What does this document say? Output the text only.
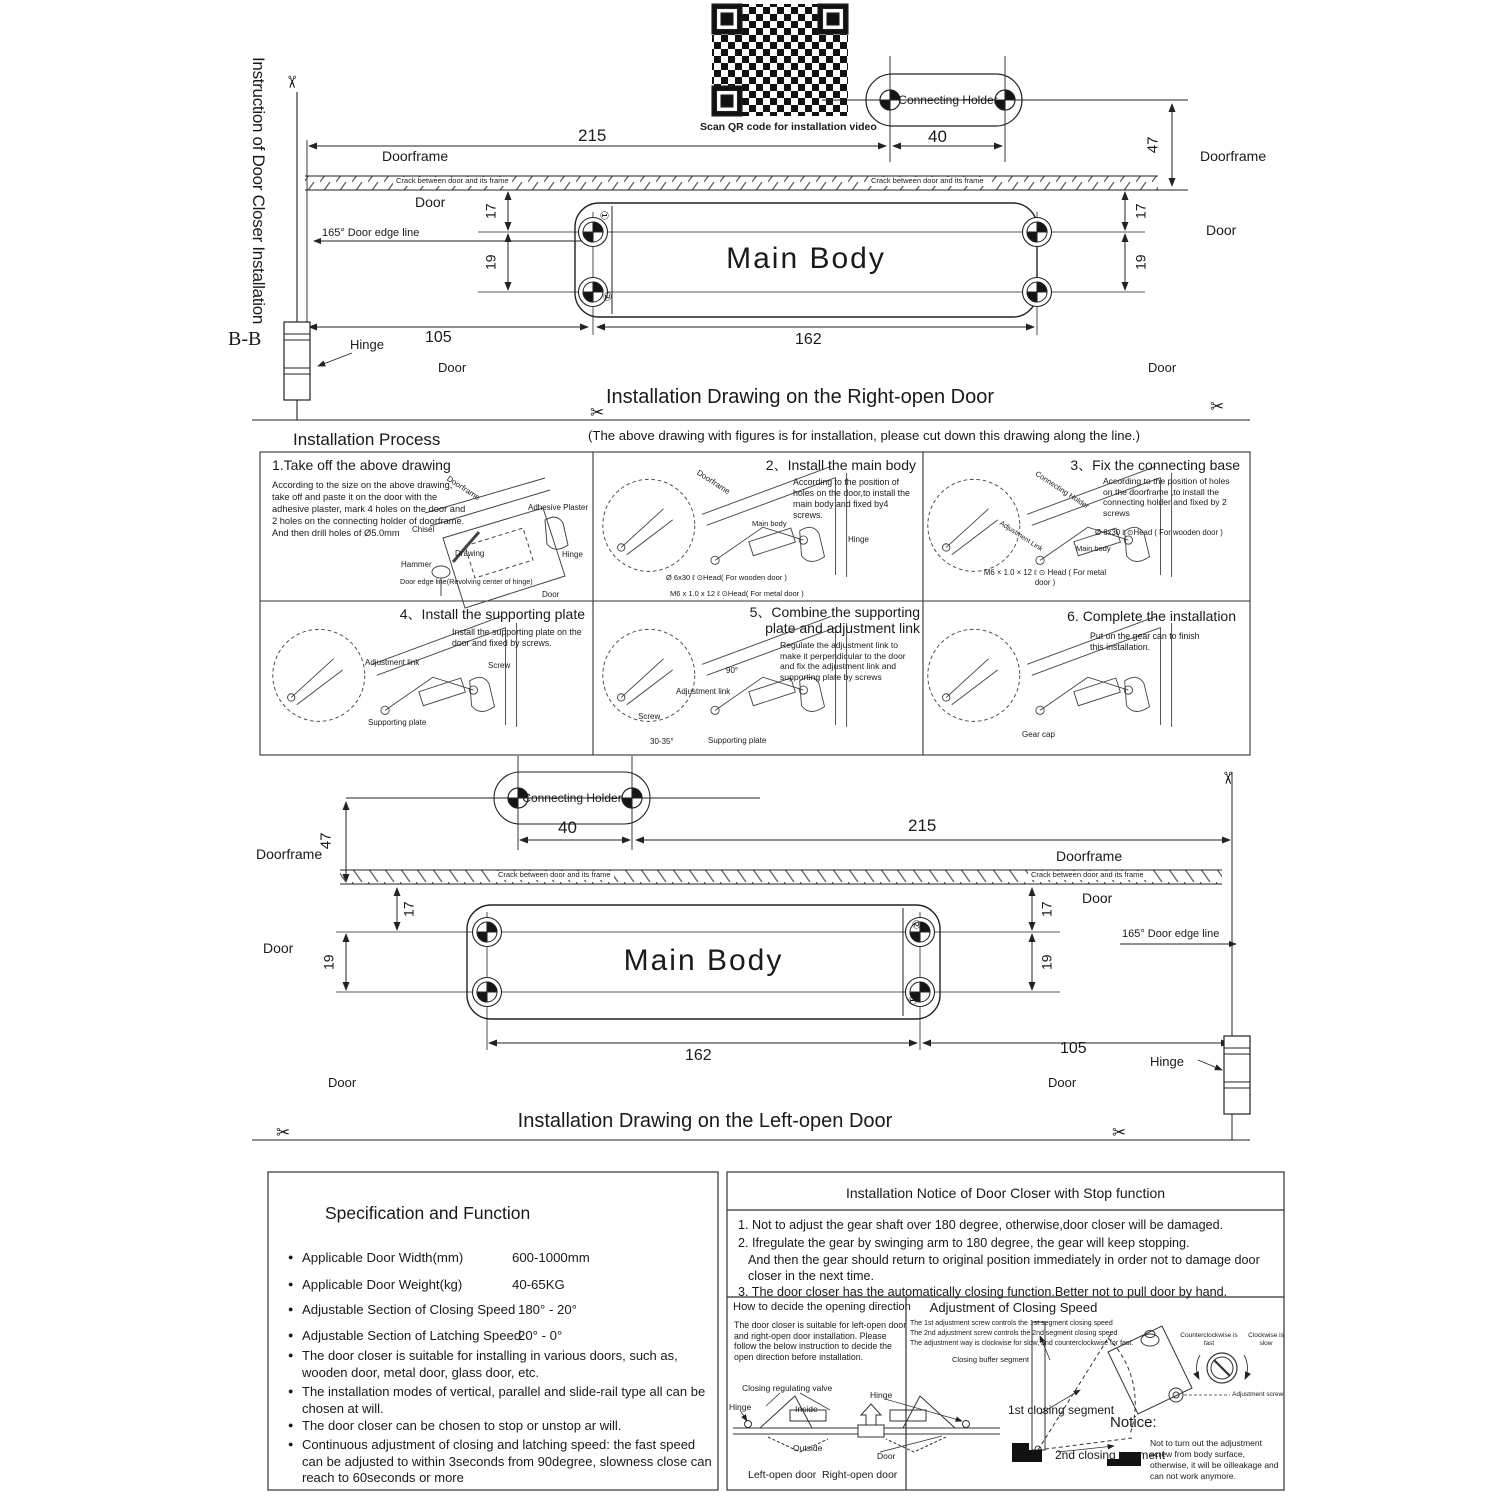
Instruction of Door Closer Installation
B-B
✂
Scan QR code for installation video
Connecting Holder
215	40	47
Doorframe	Doorframe
Crack between door and its frame	Crack between door and its frame
Door
Door
17
19
17
19
165° Door edge line
Main Body
①
②
105	162
Hinge
Door	Door
Installation Drawing on the Right-open Door
✂	✂
Installation Process	(The above drawing with figures is for installation, please cut down this drawing along the line.)
1.Take off the above drawing
According to the size on the above drawing, take off and paste it on the door with the adhesive plaster, mark 4 holes on the door and 2 holes on the connecting holder of doorframe. And then drill holes of Ø5.0mm
Doorframe
Adhesive Plaster
Chisel
Drawing
Hammer
Hinge
Door edge line(Revolving center of hinge)
Door
2、Install the main body
According to the position of holes on the door,to install the main body and fixed by4 screws.
Doorframe
Main body
Hinge
Ø 6x30 ℓ ⊙Head( For wooden door )
M6 x 1.0 x 12 ℓ ⊙Head( For metal door )
3、Fix the connecting base
According to the position of holes on the doorframe ,to install the connecting holder and fixed by 2 screws
Connecting Holder
Adjustment Link	Main body
Ø 6x30 ℓ ⊙Head ( For wooden door )
M6 × 1.0 × 12 ℓ ⊙ Head ( For metal door )
4、Install the supporting plate
Install the supporting plate on the door and fixed by screws.
Adjustment link	Screw
Supporting plate
5、Combine the supporting plate and adjustment link
Regulate the adjustment link to make it perpendicular to the door and fix the adjustment link and supporting plate by screws
90°
Adjustment link
Screw
30-35°	Supporting plate
6. Complete the installation
Put on the gear can to finish this installation.
Gear cap
Connecting Holder
40	215
47
Doorframe	Doorframe
Crack between door and its frame	Crack between door and its frame
17
Door
19
17
19
Door
165° Door edge line
Main Body
②
①
162	105
Hinge
Door	Door
Installation Drawing on the Left-open Door
✂	✂
✂
Specification and Function
● Applicable Door Width(mm)	600-1000mm
● Applicable Door Weight(kg)	40-65KG
● Adjustable Section of Closing Speed 180° - 20°
● Adjustable Section of Latching Speed
20° - 0°
● The door closer is suitable for installing in various doors, such as, wooden door, metal door, glass door, etc.
● The installation modes of vertical, parallel and slide-rail type all can be chosen at will.
● The door closer can be chosen to stop or unstop ar will.
● Continuous adjustment of closing and latching speed: the fast speed can be adjusted to within 3seconds from 90degree, slowness close can reach to 60seconds or more
Installation Notice of Door Closer with Stop function
1. Not to adjust the gear shaft over 180 degree, otherwise,door closer will be damaged.
2. Ifregulate the gear by swinging arm to 180 degree, the gear will keep stopping.
And then the gear should return to original position immediately in order not to damage door closer in the next time.
3. The door closer has the automatically closing function.Better not to pull door by hand.
How to decide the opening direction
The door closer is suitable for left-open door and right-open door installation. Please follow the below instruction to decide the open direction before installation.
Closing regulating valve
Hinge
Hinge	Inside
Outside
Door
Left-open door Right-open door
Adjustment of Closing Speed
The 1st adjustment screw controls the 1st segment closing speed
The 2nd adjustment screw controls the 2nd segment closing speed
The adjustment way is clockwise for slow, and counterclockwise for fast.
Closing buffer segment
1st closing segment
2nd closing segment
Notice:
Not to turn out the adjustment screw from body surface, otherwise, it will be oilleakage and can not work anymore.
Counterclockwise is fast
Clockwise is slow
Adjustment screw
